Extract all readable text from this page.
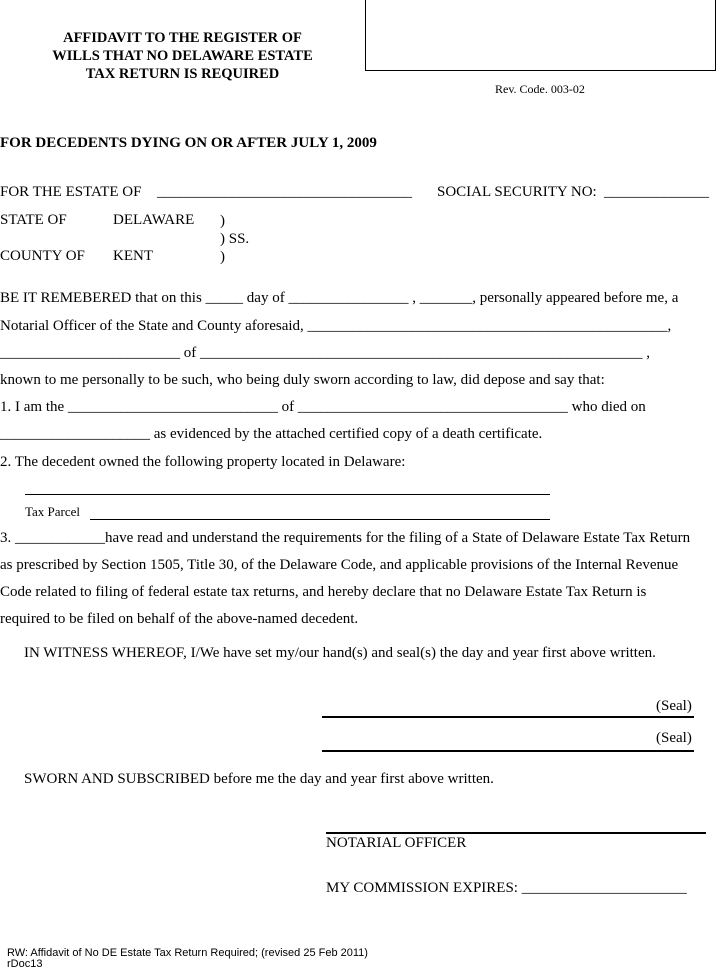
AFFIDAVIT TO THE REGISTER OF
WILLS THAT NO DELAWARE ESTATE
TAX RETURN IS REQUIRED
Rev. Code. 003-02
FOR DECEDENTS DYING ON OR AFTER JULY 1, 2009
FOR THE ESTATE OF __________________________________ SOCIAL SECURITY NO: ______________
STATE OF	DELAWARE )
) SS.
COUNTY OF KENT	)
BE IT REMEBERED that on this _____ day of ________________ , _______, personally appeared before me, a
Notarial Officer of the State and County aforesaid, ________________________________________________,
________________________ of ___________________________________________________________ ,
known to me personally to be such, who being duly sworn according to law, did depose and say that:
1. I am the ____________________________ of ____________________________________ who died on
____________________ as evidenced by the attached certified copy of a death certificate.
2. The decedent owned the following property located in Delaware:
Tax Parcel
3. ____________have read and understand the requirements for the filing of a State of Delaware Estate Tax Return
as prescribed by Section 1505, Title 30, of the Delaware Code, and applicable provisions of the Internal Revenue
Code related to filing of federal estate tax returns, and hereby declare that no Delaware Estate Tax Return is
required to be filed on behalf of the above-named decedent.
IN WITNESS WHEREOF, I/We have set my/our hand(s) and seal(s) the day and year first above written.
(Seal)
(Seal)
SWORN AND SUBSCRIBED before me the day and year first above written.
NOTARIAL OFFICER
MY COMMISSION EXPIRES: ______________________
RW: Affidavit of No DE Estate Tax Return Required; (revised 25 Feb 2011)
rDoc13
